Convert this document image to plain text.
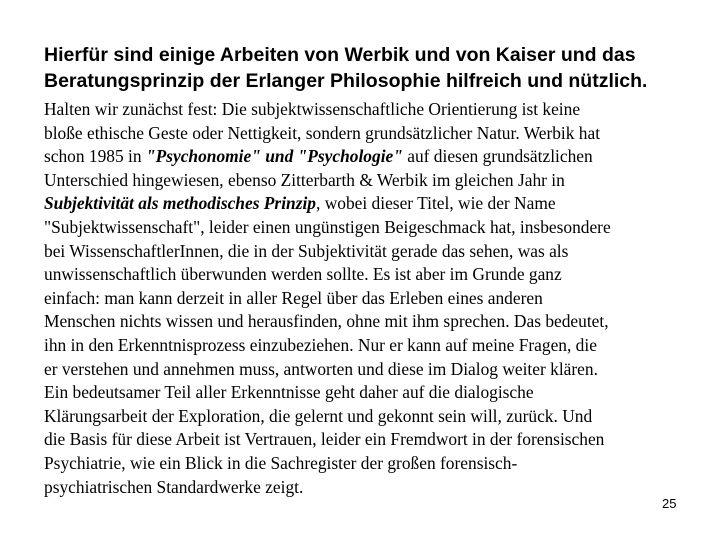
Hierfür sind einige Arbeiten von Werbik und von Kaiser und das
Beratungsprinzip der Erlanger Philosophie hilfreich und nützlich.
Halten wir zunächst fest: Die subjektwissenschaftliche Orientierung ist keine
bloße ethische Geste oder Nettigkeit, sondern grundsätzlicher Natur. Werbik hat
schon 1985 in "Psychonomie" und "Psychologie" auf diesen grundsätzlichen
Unterschied hingewiesen, ebenso Zitterbarth & Werbik im gleichen Jahr in
Subjektivität als methodisches Prinzip, wobei dieser Titel, wie der Name
"Subjektwissenschaft", leider einen ungünstigen Beigeschmack hat, insbesondere
bei WissenschaftlerInnen, die in der Subjektivität gerade das sehen, was als
unwissenschaftlich überwunden werden sollte. Es ist aber im Grunde ganz
einfach: man kann derzeit in aller Regel über das Erleben eines anderen
Menschen nichts wissen und herausfinden, ohne mit ihm sprechen. Das bedeutet,
ihn in den Erkenntnisprozess einzubeziehen. Nur er kann auf meine Fragen, die
er verstehen und annehmen muss, antworten und diese im Dialog weiter klären.
Ein bedeutsamer Teil aller Erkenntnisse geht daher auf die dialogische
Klärungsarbeit der Exploration, die gelernt und gekonnt sein will, zurück. Und
die Basis für diese Arbeit ist Vertrauen, leider ein Fremdwort in der forensischen
Psychiatrie, wie ein Blick in die Sachregister der großen forensisch-
psychiatrischen Standardwerke zeigt.
25
